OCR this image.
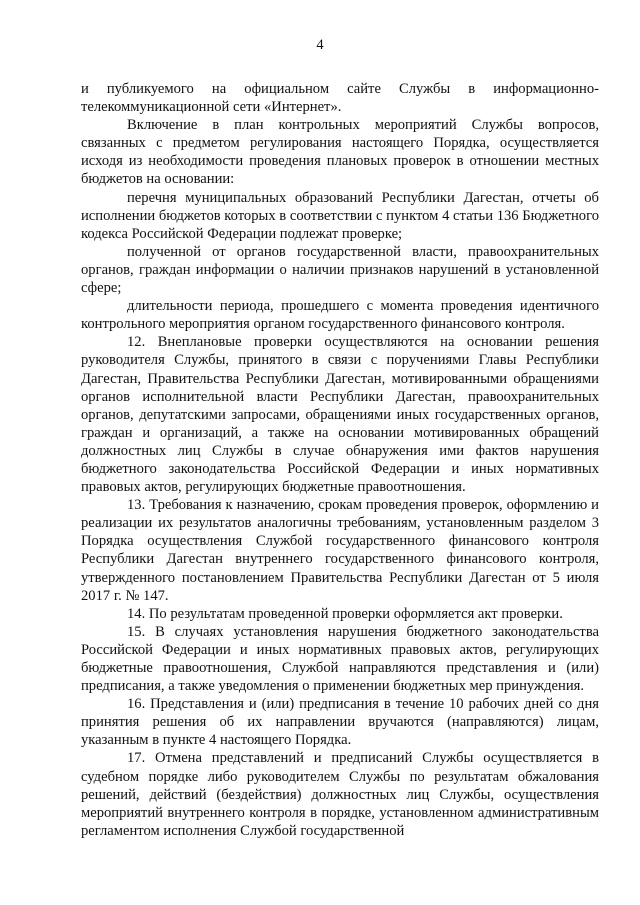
4

и публикуемого на официальном сайте Службы в информационно-телекоммуникационной сети «Интернет».

Включение в план контрольных мероприятий Службы вопросов, связанных с предметом регулирования настоящего Порядка, осуществляется исходя из необходимости проведения плановых проверок в отношении местных бюджетов на основании:

перечня муниципальных образований Республики Дагестан, отчеты об исполнении бюджетов которых в соответствии с пунктом 4 статьи 136 Бюджетного кодекса Российской Федерации подлежат проверке;

полученной от органов государственной власти, правоохранительных органов, граждан информации о наличии признаков нарушений в установленной сфере;

длительности периода, прошедшего с момента проведения идентичного контрольного мероприятия органом государственного финансового контроля.

12. Внеплановые проверки осуществляются на основании решения руководителя Службы, принятого в связи с поручениями Главы Республики Дагестан, Правительства Республики Дагестан, мотивированными обращениями органов исполнительной власти Республики Дагестан, правоохранительных органов, депутатскими запросами, обращениями иных государственных органов, граждан и организаций, а также на основании мотивированных обращений должностных лиц Службы в случае обнаружения ими фактов нарушения бюджетного законодательства Российской Федерации и иных нормативных правовых актов, регулирующих бюджетные правоотношения.

13. Требования к назначению, срокам проведения проверок, оформлению и реализации их результатов аналогичны требованиям, установленным разделом 3 Порядка осуществления Службой государственного финансового контроля Республики Дагестан внутреннего государственного финансового контроля, утвержденного постановлением Правительства Республики Дагестан от 5 июля 2017 г. № 147.

14. По результатам проведенной проверки оформляется акт проверки.

15. В случаях установления нарушения бюджетного законодательства Российской Федерации и иных нормативных правовых актов, регулирующих бюджетные правоотношения, Службой направляются представления и (или) предписания, а также уведомления о применении бюджетных мер принуждения.

16. Представления и (или) предписания в течение 10 рабочих дней со дня принятия решения об их направлении вручаются (направляются) лицам, указанным в пункте 4 настоящего Порядка.

17. Отмена представлений и предписаний Службы осуществляется в судебном порядке либо руководителем Службы по результатам обжалования решений, действий (бездействия) должностных лиц Службы, осуществления мероприятий внутреннего контроля в порядке, установленном административным регламентом исполнения Службой государственной
